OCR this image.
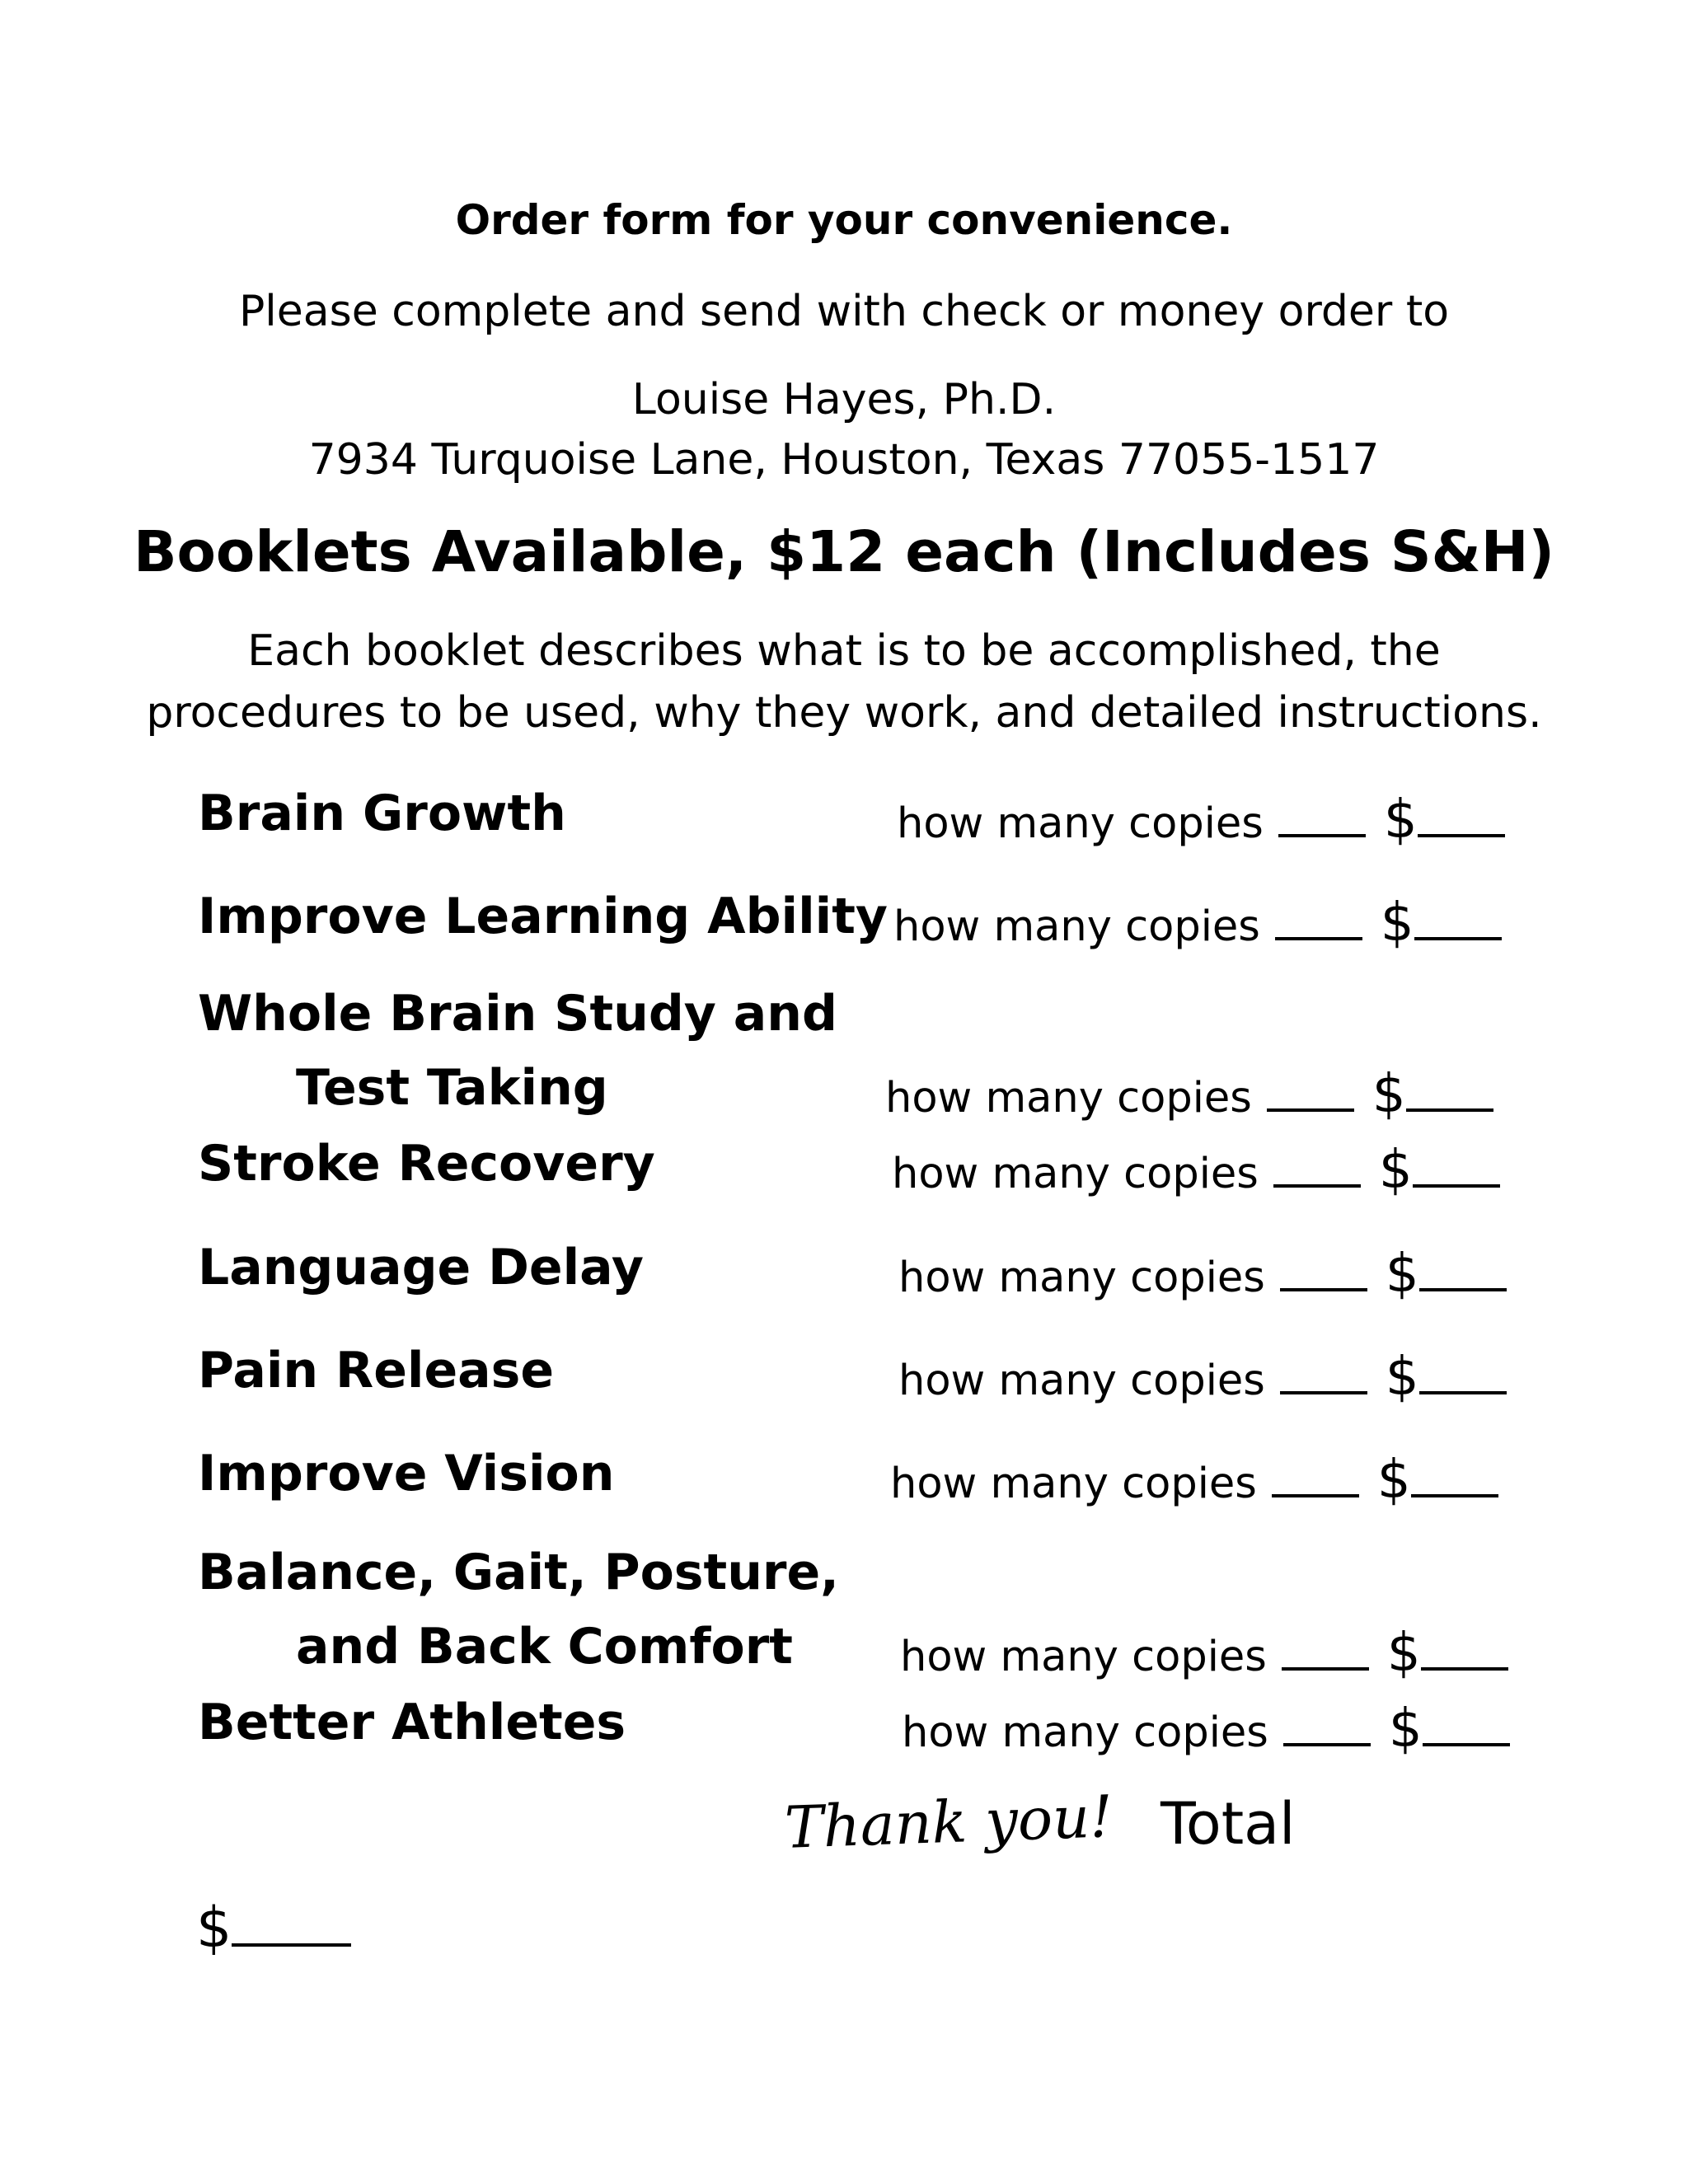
Order form for your convenience.
Please complete and send with check or money order to
Louise Hayes, Ph.D.
7934 Turquoise Lane, Houston, Texas 77055-1517
Booklets Available, $12 each (Includes S&H)
Each booklet describes what is to be accomplished, the
procedures to be used, why they work, and detailed instructions.
Brain Growth	how many copies $
Improve Learning Ability how many copies $
Whole Brain Study and
Test Taking	how many copies $
Stroke Recovery	how many copies $
Language Delay	how many copies $
Pain Release	how many copies $
Improve Vision	how many copies $
Balance, Gait, Posture,
and Back Comfort	how many copies $
Better Athletes	how many copies $
Thank you! Total
$
